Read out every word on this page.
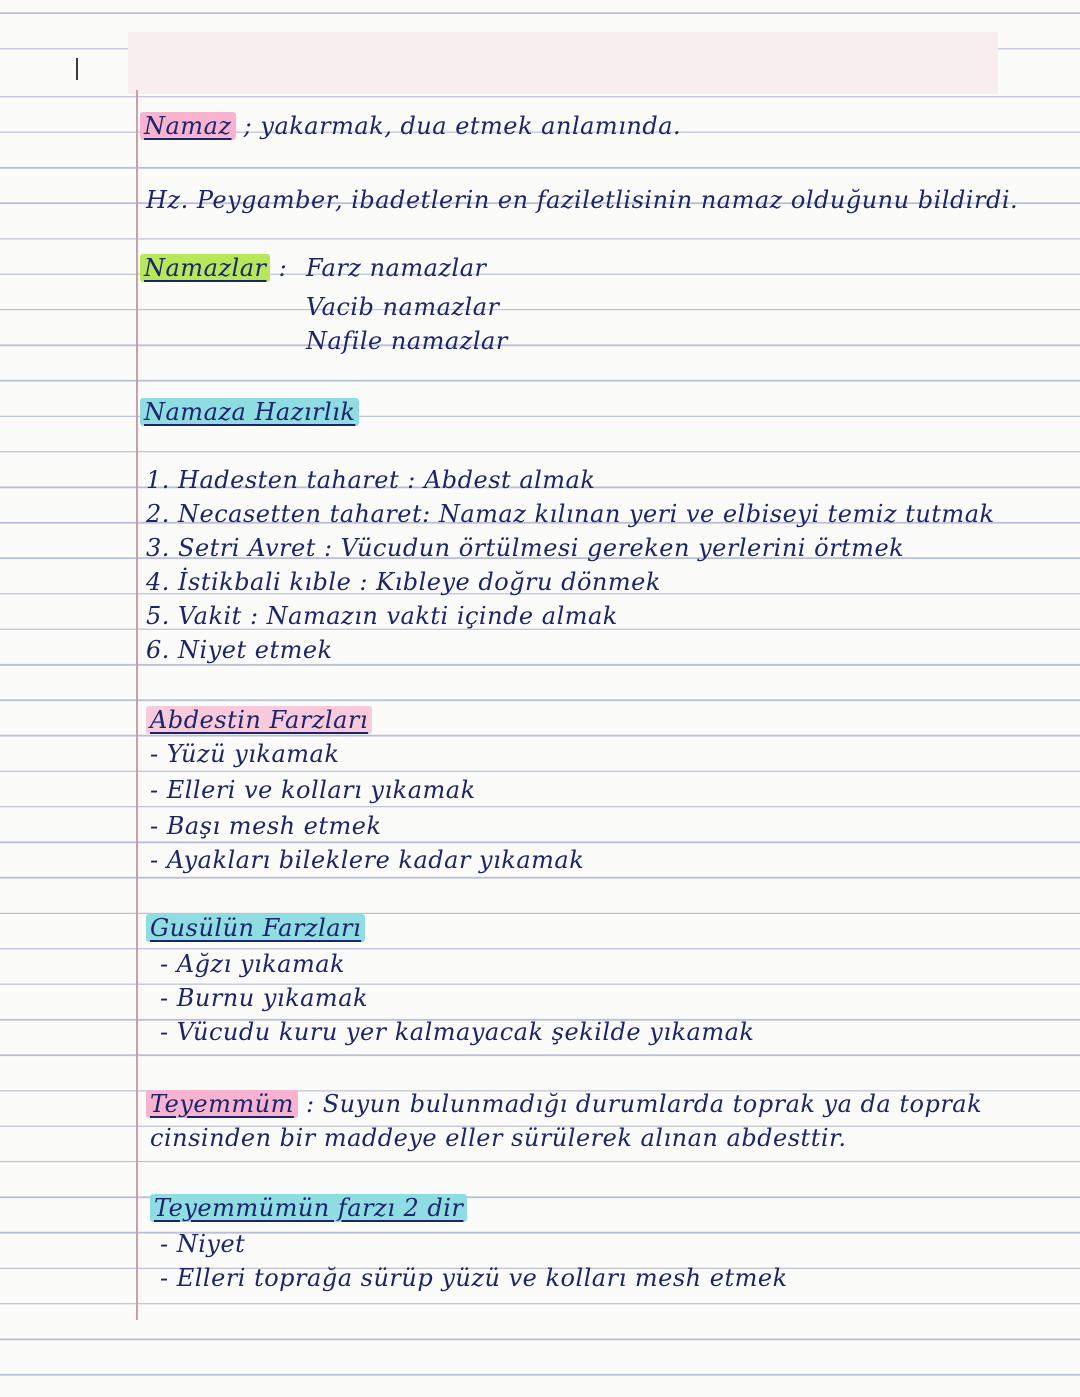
Namaz ; yakarmak, dua etmek anlamında.
Hz. Peygamber, ibadetlerin en faziletlisinin namaz olduğunu bildirdi.
Namazlar : Farz namazlar
Vacib namazlar
Nafile namazlar
Namaza Hazırlık
1. Hadesten taharet : Abdest almak
2. Necasetten taharet: Namaz kılınan yeri ve elbiseyi temiz tutmak
3. Setri Avret : Vücudun örtülmesi gereken yerlerini örtmek
4. İstikbali kıble : Kıbleye doğru dönmek
5. Vakit : Namazın vakti içinde almak
6. Niyet etmek
Abdestin Farzları
- Yüzü yıkamak
- Elleri ve kolları yıkamak
- Başı mesh etmek
- Ayakları bileklere kadar yıkamak
Gusülün Farzları
- Ağzı yıkamak
- Burnu yıkamak
- Vücudu kuru yer kalmayacak şekilde yıkamak
Teyemmüm : Suyun bulunmadığı durumlarda toprak ya da toprak
cinsinden bir maddeye eller sürülerek alınan abdesttir.
Teyemmümün farzı 2 dir
- Niyet
- Elleri toprağa sürüp yüzü ve kolları mesh etmek
